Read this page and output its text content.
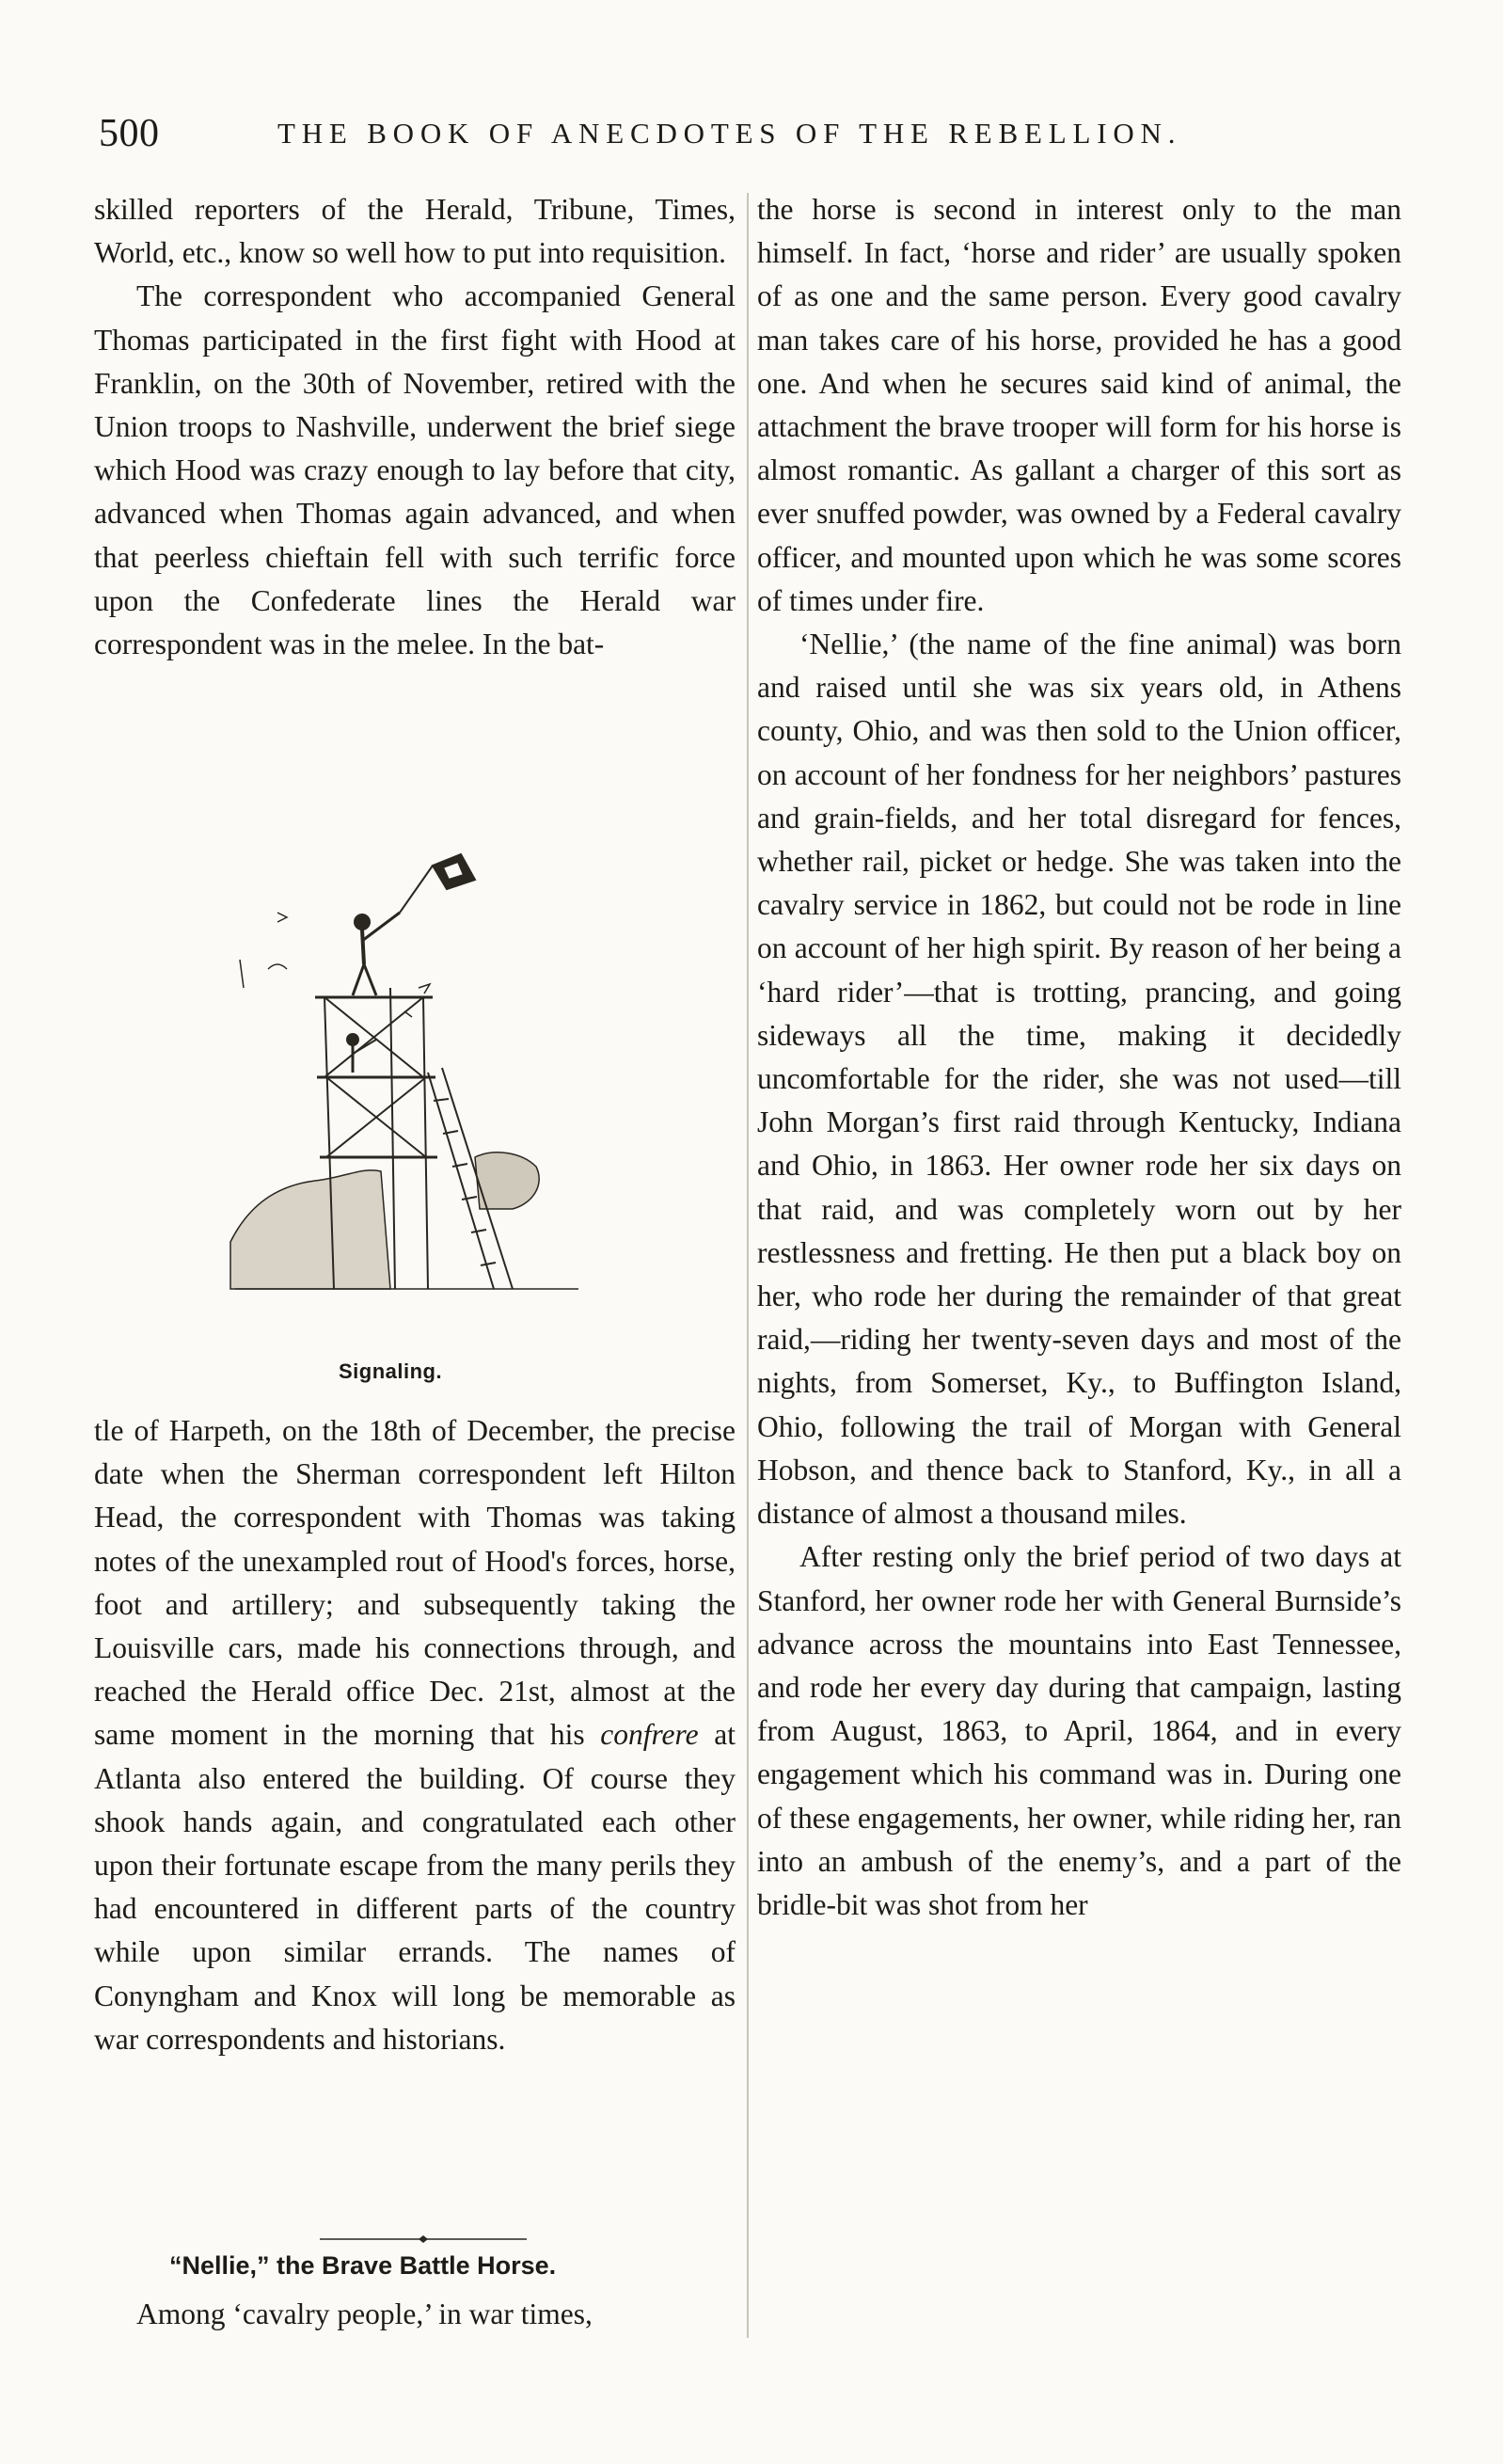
500	THE BOOK OF ANECDOTES OF THE REBELLION.

skilled reporters of the Herald, Tribune, Times, World, etc., know so well how to put into requisition.

The correspondent who accompanied General Thomas participated in the first fight with Hood at Franklin, on the 30th of November, retired with the Union troops to Nashville, underwent the brief siege which Hood was crazy enough to lay before that city, advanced when Thomas again advanced, and when that peerless chieftain fell with such terrific force upon the Confederate lines the Herald war correspondent was in the melee. In the bat-

Signaling.

tle of Harpeth, on the 18th of December, the precise date when the Sherman correspondent left Hilton Head, the correspondent with Thomas was taking notes of the unexampled rout of Hood's forces, horse, foot and artillery; and subsequently taking the Louisville cars, made his connections through, and reached the Herald office Dec. 21st, almost at the same moment in the morning that his confrere at Atlanta also entered the building. Of course they shook hands again, and congratulated each other upon their fortunate escape from the many perils they had encountered in different parts of the country while upon similar errands. The names of Conyngham and Knox will long be memorable as war correspondents and historians.

“Nellie,” the Brave Battle Horse.
Among ‘cavalry people,’ in war times,

the horse is second in interest only to the man himself. In fact, ‘horse and rider’ are usually spoken of as one and the same person. Every good cavalry man takes care of his horse, provided he has a good one. And when he secures said kind of animal, the attachment the brave trooper will form for his horse is almost romantic. As gallant a charger of this sort as ever snuffed powder, was owned by a Federal cavalry officer, and mounted upon which he was some scores of times under fire.

‘Nellie,’ (the name of the fine animal) was born and raised until she was six years old, in Athens county, Ohio, and was then sold to the Union officer, on account of her fondness for her neighbors’ pastures and grain-fields, and her total disregard for fences, whether rail, picket or hedge. She was taken into the cavalry service in 1862, but could not be rode in line on account of her high spirit. By reason of her being a ‘hard rider’—that is trotting, prancing, and going sideways all the time, making it decidedly uncomfortable for the rider, she was not used—till John Morgan’s first raid through Kentucky, Indiana and Ohio, in 1863. Her owner rode her six days on that raid, and was completely worn out by her restlessness and fretting. He then put a black boy on her, who rode her during the remainder of that great raid,—riding her twenty-seven days and most of the nights, from Somerset, Ky., to Buffington Island, Ohio, following the trail of Morgan with General Hobson, and thence back to Stanford, Ky., in all a distance of almost a thousand miles.

After resting only the brief period of two days at Stanford, her owner rode her with General Burnside’s advance across the mountains into East Tennessee, and rode her every day during that campaign, lasting from August, 1863, to April, 1864, and in every engagement which his command was in. During one of these engagements, her owner, while riding her, ran into an ambush of the enemy’s, and a part of the bridle-bit was shot from her
